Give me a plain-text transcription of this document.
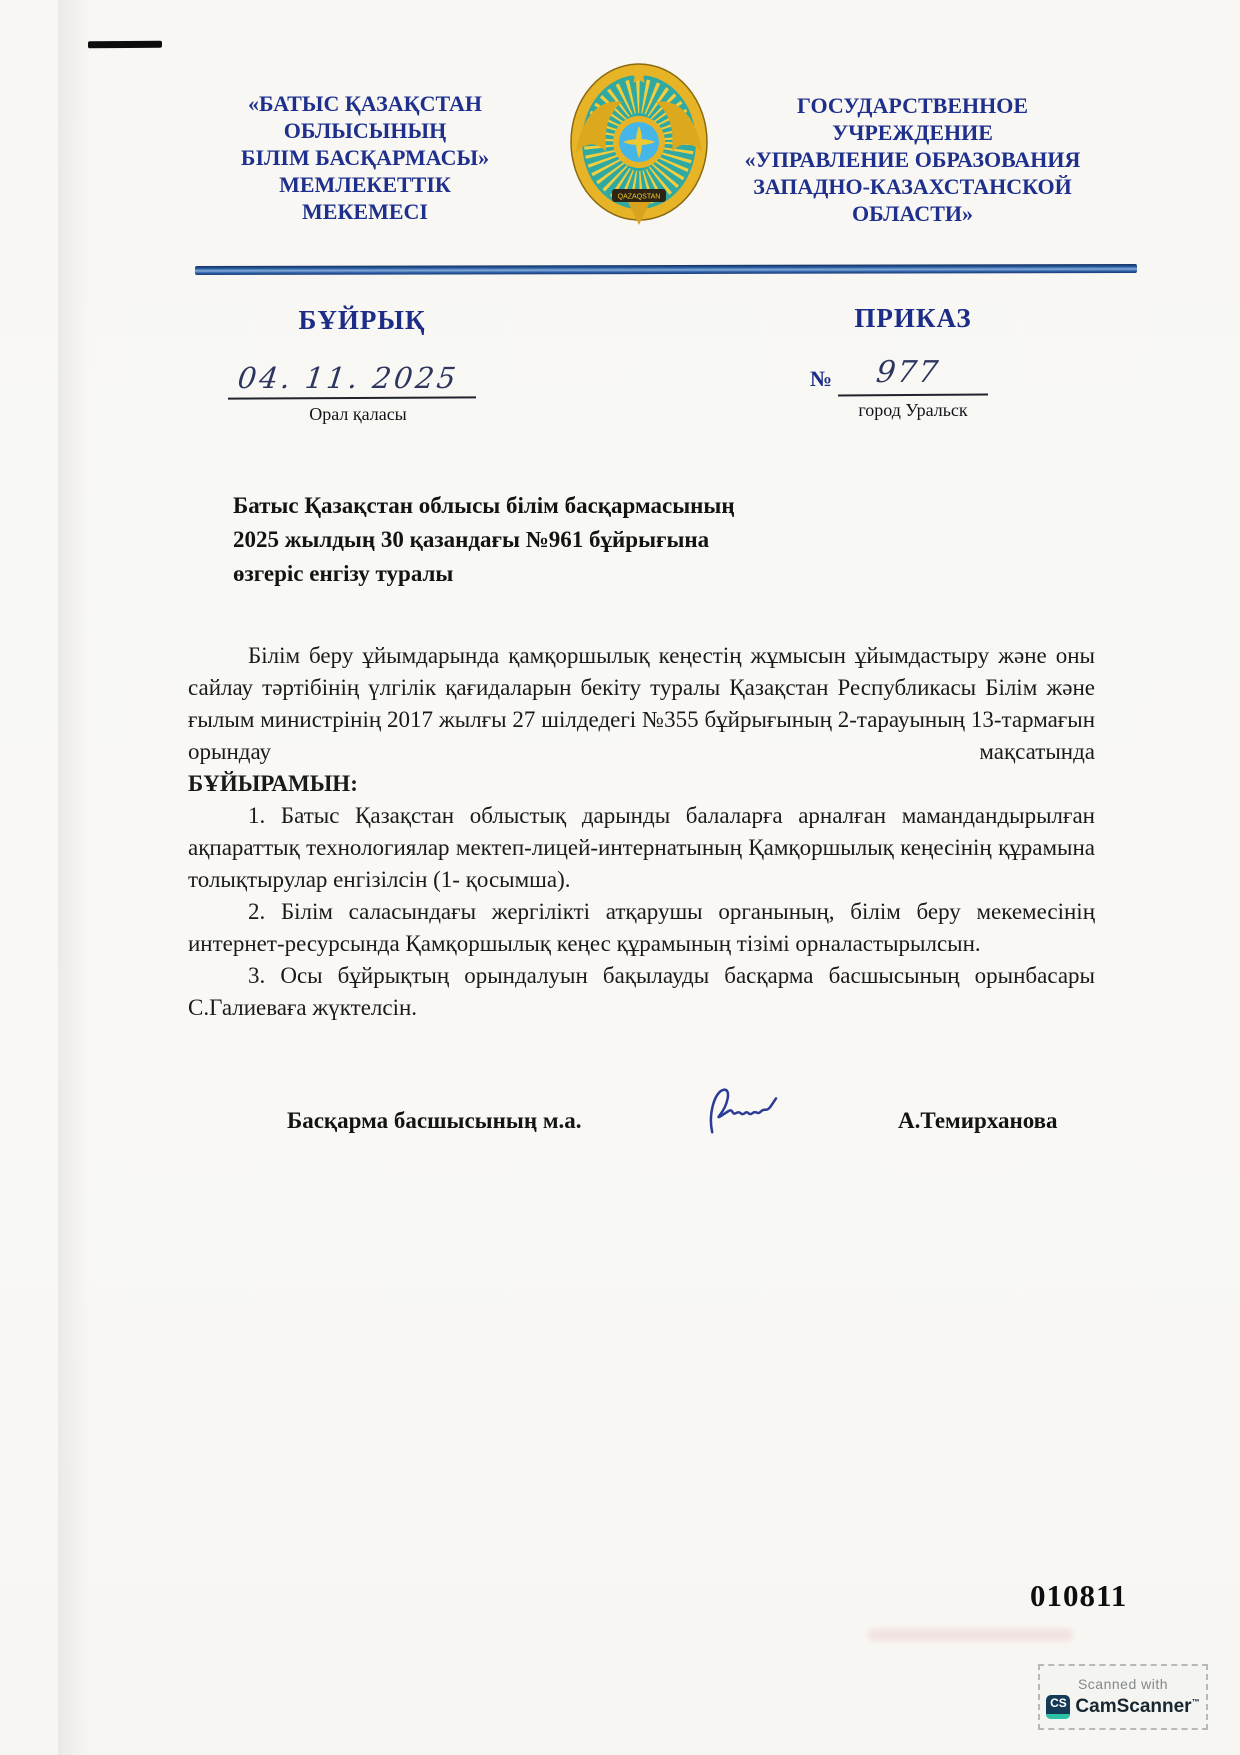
«БАТЫС ҚАЗАҚСТАН
ОБЛЫСЫНЫҢ
БІЛІМ БАСҚАРМАСЫ»
МЕМЛЕКЕТТІК
МЕКЕМЕСІ
QAZAQSTAN
ГОСУДАРСТВЕННОЕ
УЧРЕЖДЕНИЕ
«УПРАВЛЕНИЕ ОБРАЗОВАНИЯ
ЗАПАДНО-КАЗАХСТАНСКОЙ
ОБЛАСТИ»
БҰЙРЫҚ	ПРИКАЗ
04. 11. 2025
Орал қаласы
№	977
город Уральск
Батыс Қазақстан облысы білім басқармасының
2025 жылдың 30 қазандағы №961 бұйрығына
өзгеріс енгізу туралы

Білім беру ұйымдарында қамқоршылық кеңестің жұмысын ұйымдастыру және оны сайлау тәртібінің үлгілік қағидаларын бекіту туралы Қазақстан Республикасы Білім және ғылым министрінің 2017 жылғы 27 шілдедегі №355 бұйрығының 2-тарауының 13-тармағын орындау мақсатында

БҰЙЫРАМЫН:

1. Батыс Қазақстан облыстық дарынды балаларға арналған мамандандырылған ақпараттық технологиялар мектеп-лицей-интернатының Қамқоршылық кеңесінің құрамына толықтырулар енгізілсін (1- қосымша).

2. Білім саласындағы жергілікті атқарушы органының, білім беру мекемесінің интернет-ресурсында Қамқоршылық кеңес құрамының тізімі орналастырылсын.

3. Осы бұйрықтың орындалуын бақылауды басқарма басшысының орынбасары С.Галиеваға жүктелсін.

Басқарма басшысының м.а.	А.Темирханова
010811
Scanned with
CS CamScanner™
